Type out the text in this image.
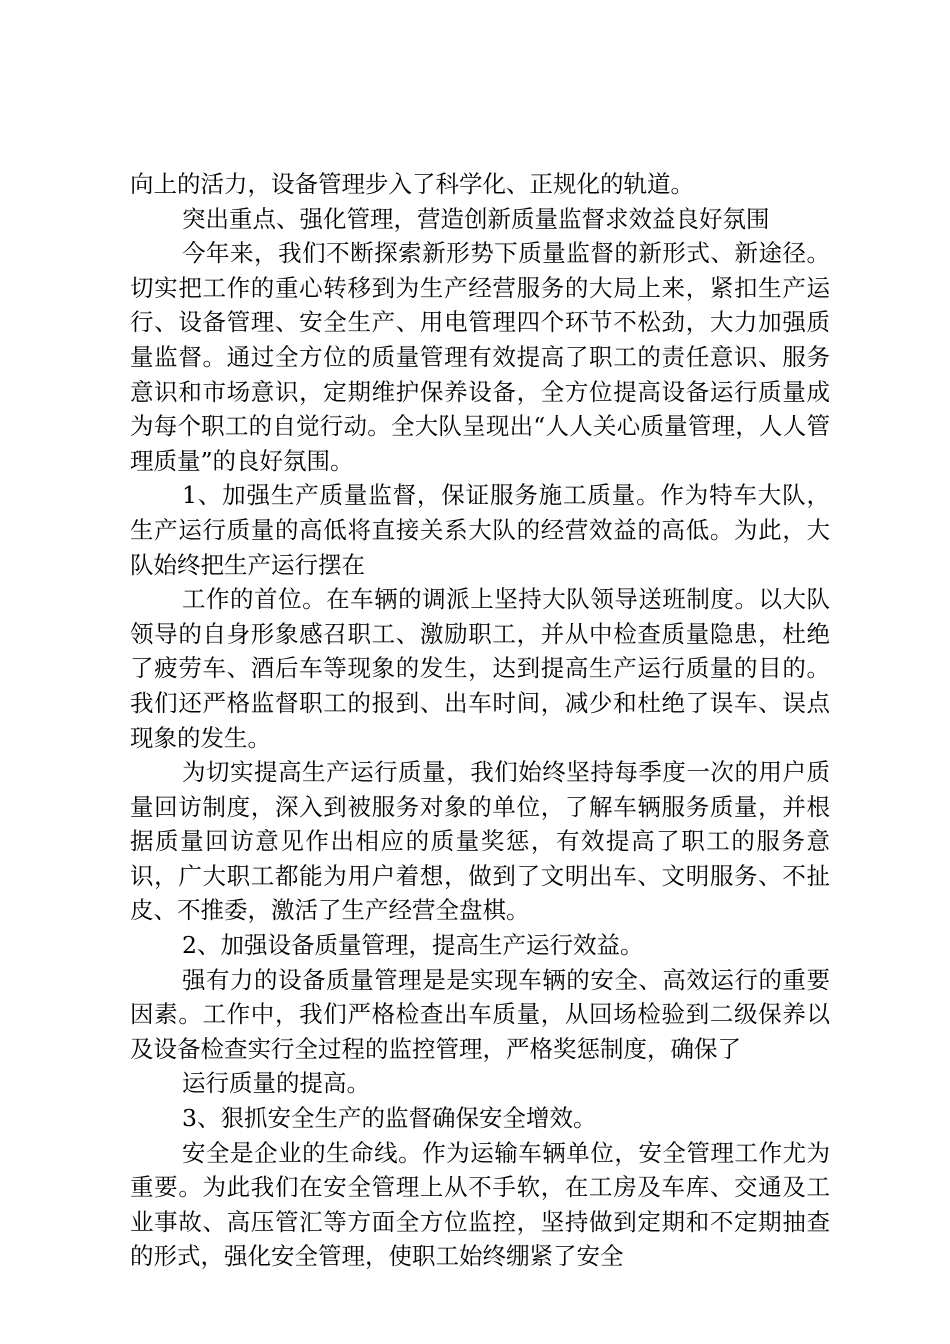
向上的活力，设备管理步入了科学化、正规化的轨道。

突出重点、强化管理，营造创新质量监督求效益良好氛围

今年来，我们不断探索新形势下质量监督的新形式、新途径。切实把工作的重心转移到为生产经营服务的大局上来，紧扣生产运行、设备管理、安全生产、用电管理四个环节不松劲，大力加强质量监督。通过全方位的质量管理有效提高了职工的责任意识、服务意识和市场意识，定期维护保养设备，全方位提高设备运行质量成为每个职工的自觉行动。全大队呈现出“人人关心质量管理，人人管理质量”的良好氛围。

1、加强生产质量监督，保证服务施工质量。作为特车大队，生产运行质量的高低将直接关系大队的经营效益的高低。为此，大队始终把生产运行摆在

工作的首位。在车辆的调派上坚持大队领导送班制度。以大队领导的自身形象感召职工、激励职工，并从中检查质量隐患，杜绝了疲劳车、酒后车等现象的发生，达到提高生产运行质量的目的。我们还严格监督职工的报到、出车时间，减少和杜绝了误车、误点现象的发生。

为切实提高生产运行质量，我们始终坚持每季度一次的用户质量回访制度，深入到被服务对象的单位，了解车辆服务质量，并根据质量回访意见作出相应的质量奖惩，有效提高了职工的服务意识，广大职工都能为用户着想，做到了文明出车、文明服务、不扯皮、不推委，激活了生产经营全盘棋。

2、加强设备质量管理，提高生产运行效益。

强有力的设备质量管理是是实现车辆的安全、高效运行的重要因素。工作中，我们严格检查出车质量，从回场检验到二级保养以及设备检查实行全过程的监控管理，严格奖惩制度，确保了

运行质量的提高。

3、狠抓安全生产的监督确保安全增效。

安全是企业的生命线。作为运输车辆单位，安全管理工作尤为重要。为此我们在安全管理上从不手软，在工房及车库、交通及工业事故、高压管汇等方面全方位监控，坚持做到定期和不定期抽查的形式，强化安全管理，使职工始终绷紧了安全
